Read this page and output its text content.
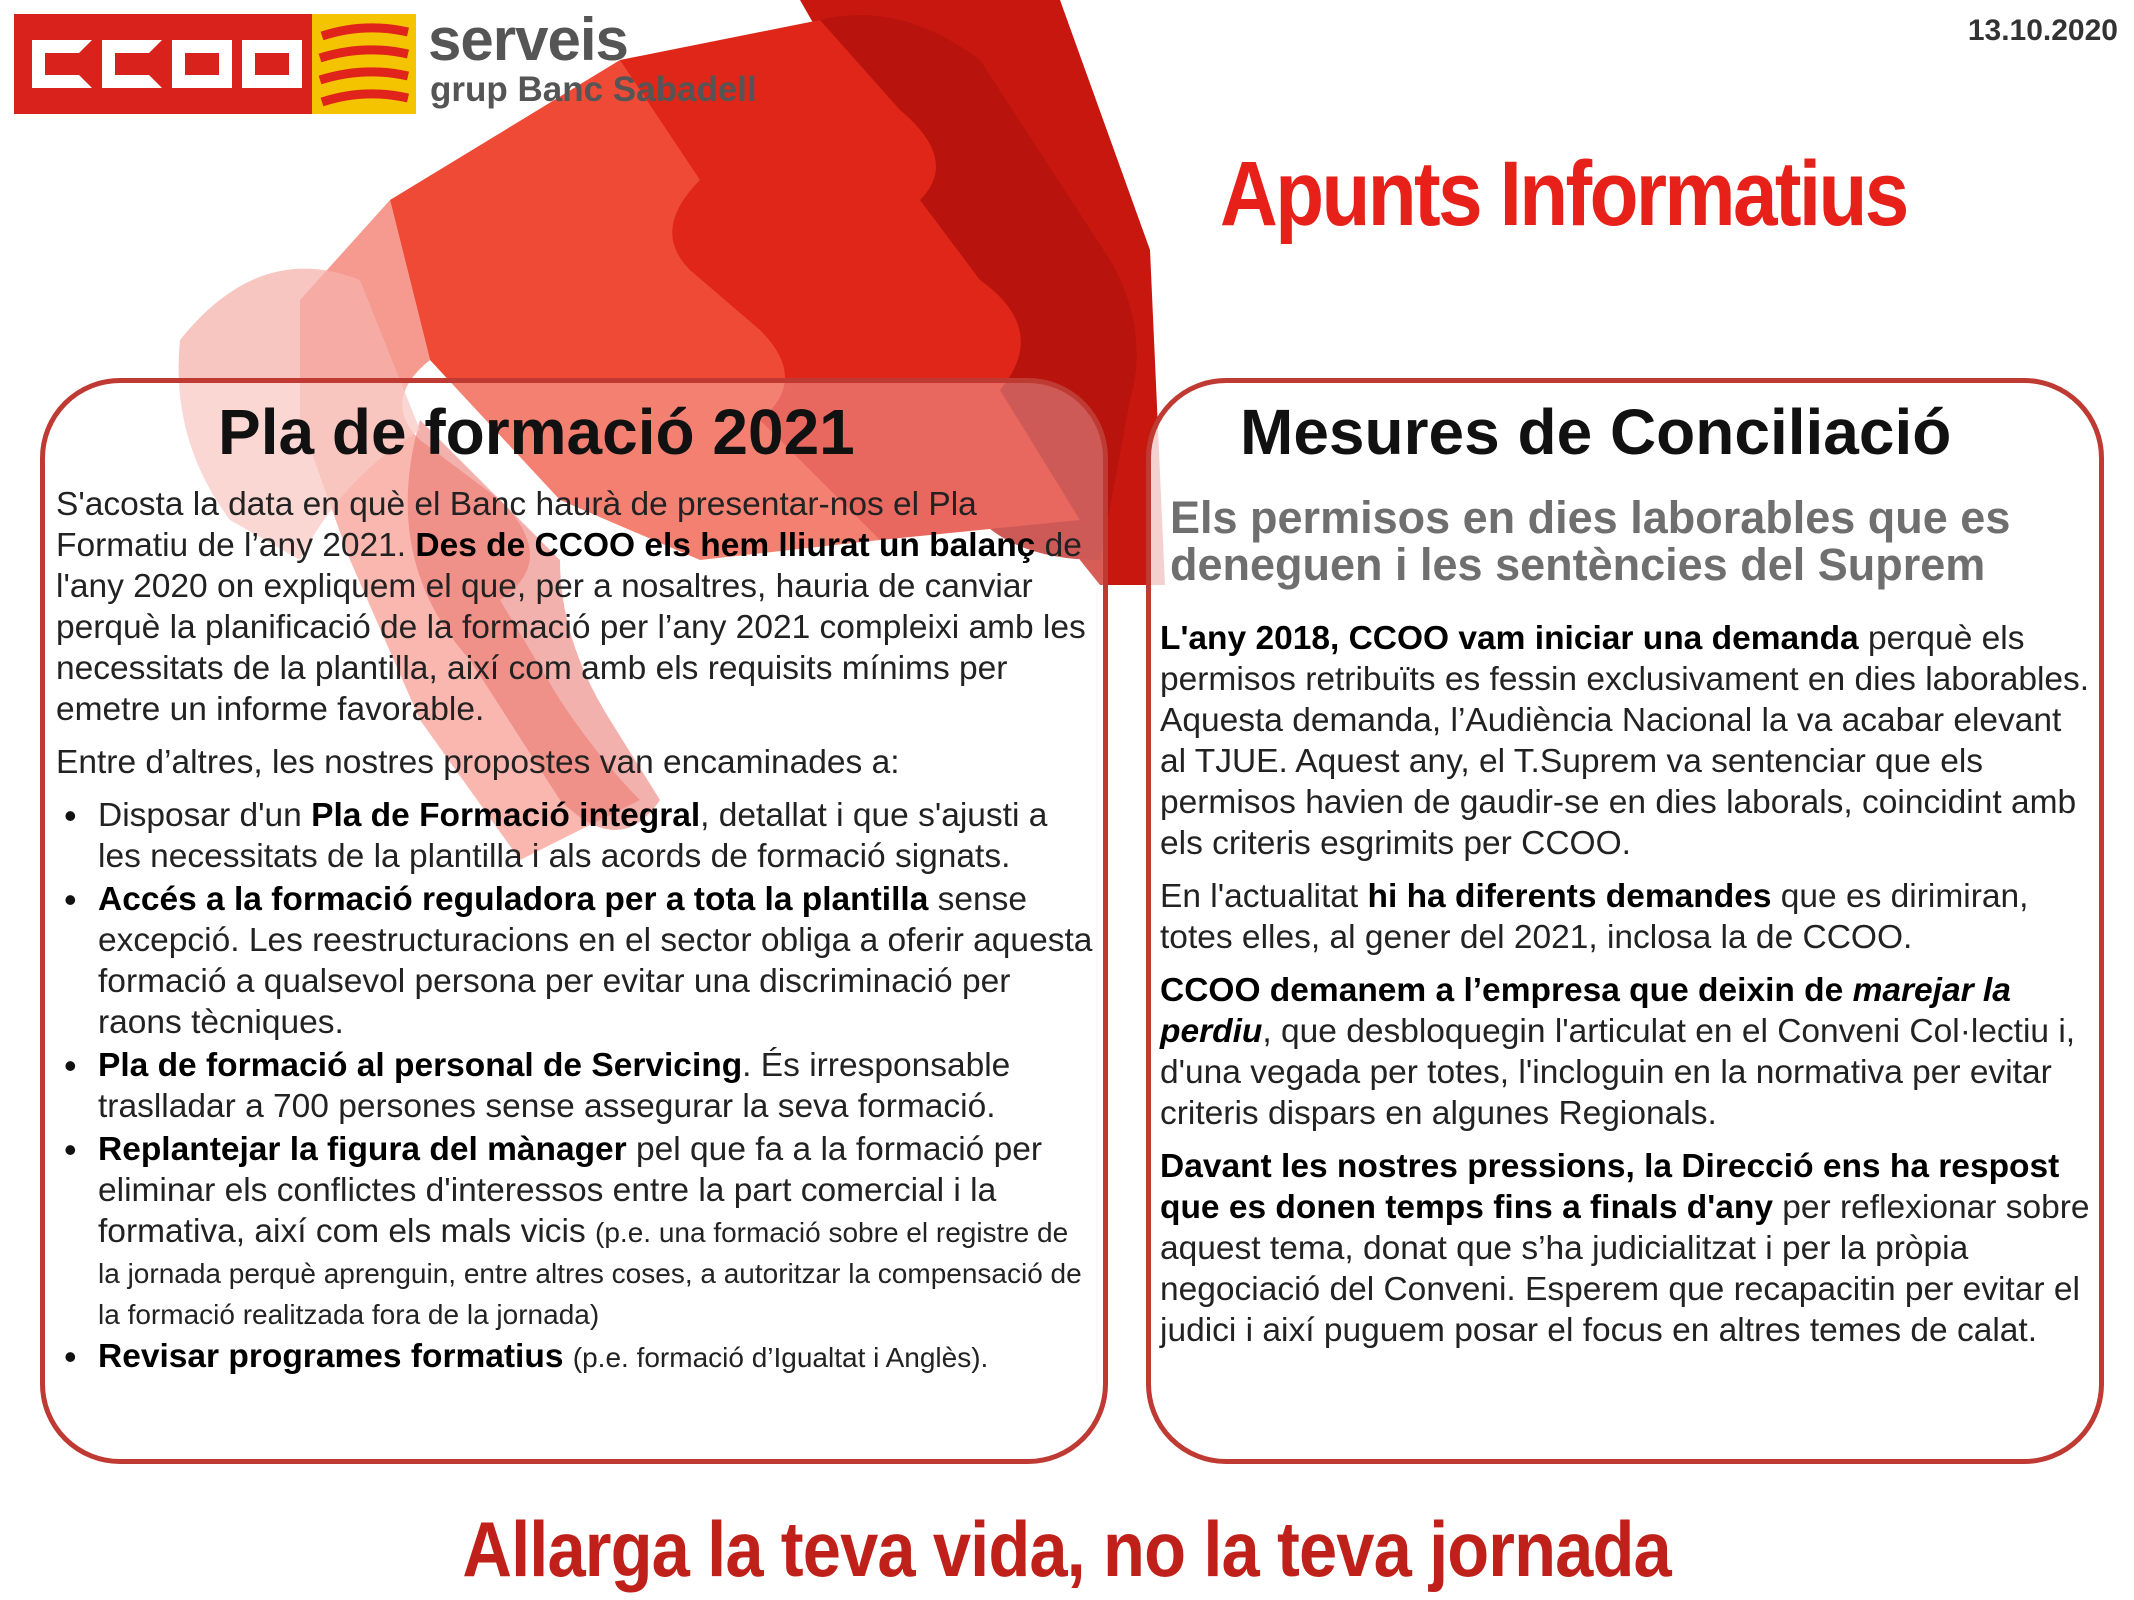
serveis
grup Banc Sabadell
13.10.2020
Apunts Informatius
Pla de formació 2021

S'acosta la data en què el Banc haurà de presentar-nos el Pla Formatiu de l’any 2021. Des de CCOO els hem lliurat un balanç de l'any 2020 on expliquem el que, per a nosaltres, hauria de canviar perquè la planificació de la formació per l’any 2021 compleixi amb les necessitats de la plantilla, així com amb els requisits mínims per emetre un informe favorable.

Entre d’altres, les nostres propostes van encaminades a:

• Disposar d'un Pla de Formació integral, detallat i que s'ajusti a les necessitats de la plantilla i als acords de formació signats.
• Accés a la formació reguladora per a tota la plantilla sense excepció. Les reestructuracions en el sector obliga a oferir aquesta formació a qualsevol persona per evitar una discriminació per raons tècniques.
• Pla de formació al personal de Servicing. És irresponsable traslladar a 700 persones sense assegurar la seva formació.
• Replantejar la figura del mànager pel que fa a la formació per eliminar els conflictes d'interessos entre la part comercial i la formativa, així com els mals vicis (p.e. una formació sobre el registre de la jornada perquè aprenguin, entre altres coses, a autoritzar la compensació de la formació realitzada fora de la jornada)
• Revisar programes formatius (p.e. formació d’Igualtat i Anglès).
Mesures de Conciliació
Els permisos en dies laborables que es deneguen i les sentències del Suprem

L'any 2018, CCOO vam iniciar una demanda perquè els permisos retribuïts es fessin exclusivament en dies laborables. Aquesta demanda, l’Audiència Nacional la va acabar elevant al TJUE. Aquest any, el T.Suprem va sentenciar que els permisos havien de gaudir-se en dies laborals, coincidint amb els criteris esgrimits per CCOO.

En l'actualitat hi ha diferents demandes que es dirimiran, totes elles, al gener del 2021, inclosa la de CCOO.

CCOO demanem a l’empresa que deixin de marejar la perdiu, que desbloquegin l'articulat en el Conveni Col·lectiu i, d'una vegada per totes, l'incloguin en la normativa per evitar criteris dispars en algunes Regionals.

Davant les nostres pressions, la Direcció ens ha respost que es donen temps fins a finals d'any per reflexionar sobre aquest tema, donat que s’ha judicialitzat i per la pròpia negociació del Conveni. Esperem que recapacitin per evitar el judici i així puguem posar el focus en altres temes de calat.

Allarga la teva vida, no la teva jornada
